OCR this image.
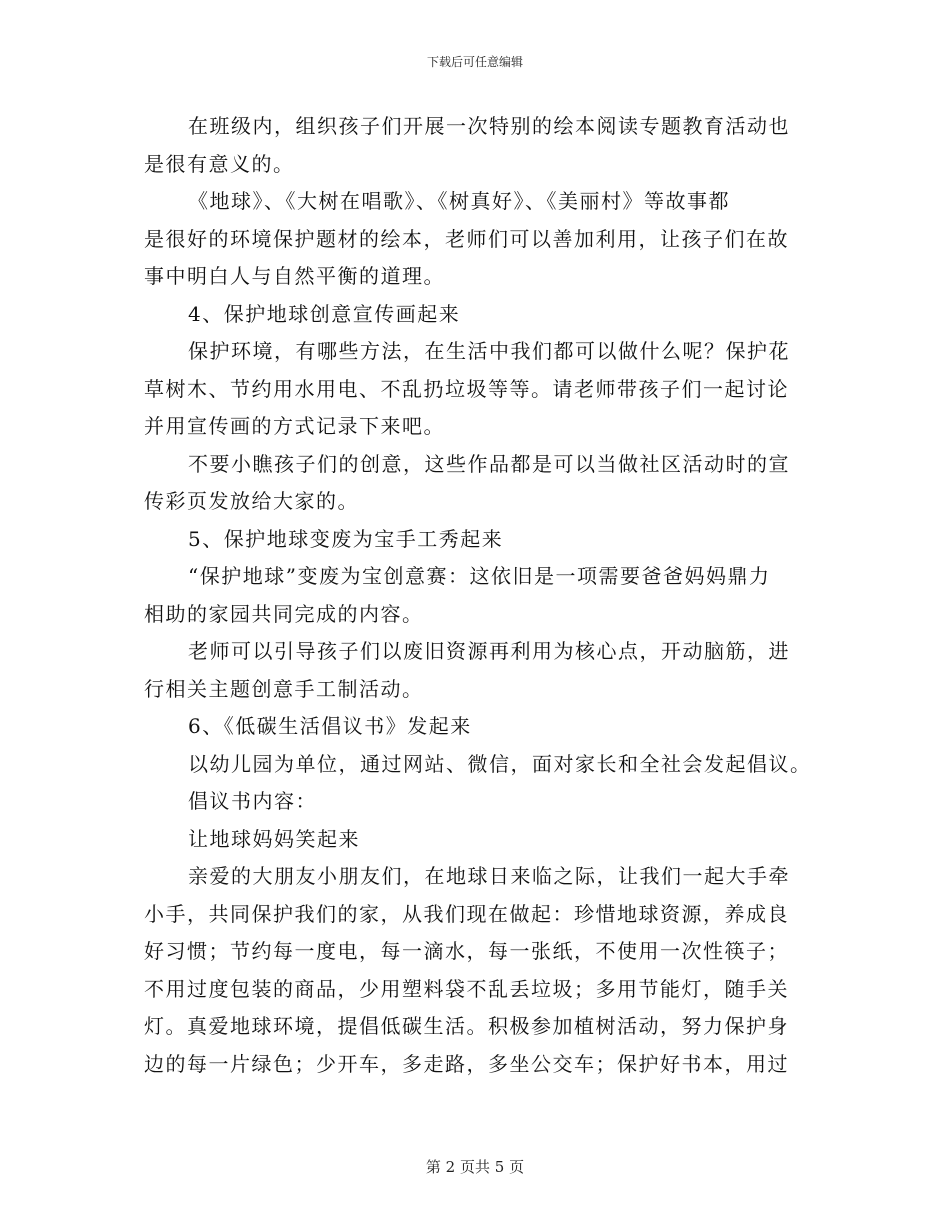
下载后可任意编辑
在班级内，组织孩子们开展一次特别的绘本阅读专题教育活动也
是很有意义的。
《地球》、《大树在唱歌》、《树真好》、《美丽村》等故事都
是很好的环境保护题材的绘本，老师们可以善加利用，让孩子们在故
事中明白人与自然平衡的道理。
4、保护地球创意宣传画起来
保护环境，有哪些方法，在生活中我们都可以做什么呢？保护花
草树木、节约用水用电、不乱扔垃圾等等。请老师带孩子们一起讨论
并用宣传画的方式记录下来吧。
不要小瞧孩子们的创意，这些作品都是可以当做社区活动时的宣
传彩页发放给大家的。
5、保护地球变废为宝手工秀起来
“保护地球”变废为宝创意赛：这依旧是一项需要爸爸妈妈鼎力
相助的家园共同完成的内容。
老师可以引导孩子们以废旧资源再利用为核心点，开动脑筋，进
行相关主题创意手工制活动。
6、《低碳生活倡议书》发起来
以幼儿园为单位，通过网站、微信，面对家长和全社会发起倡议。
倡议书内容：
让地球妈妈笑起来
亲爱的大朋友小朋友们，在地球日来临之际，让我们一起大手牵
小手，共同保护我们的家，从我们现在做起：珍惜地球资源，养成良
好习惯；节约每一度电，每一滴水，每一张纸，不使用一次性筷子；
不用过度包装的商品，少用塑料袋不乱丢垃圾；多用节能灯，随手关
灯。真爱地球环境，提倡低碳生活。积极参加植树活动，努力保护身
边的每一片绿色；少开车，多走路，多坐公交车；保护好书本，用过
第 2 页共 5 页
